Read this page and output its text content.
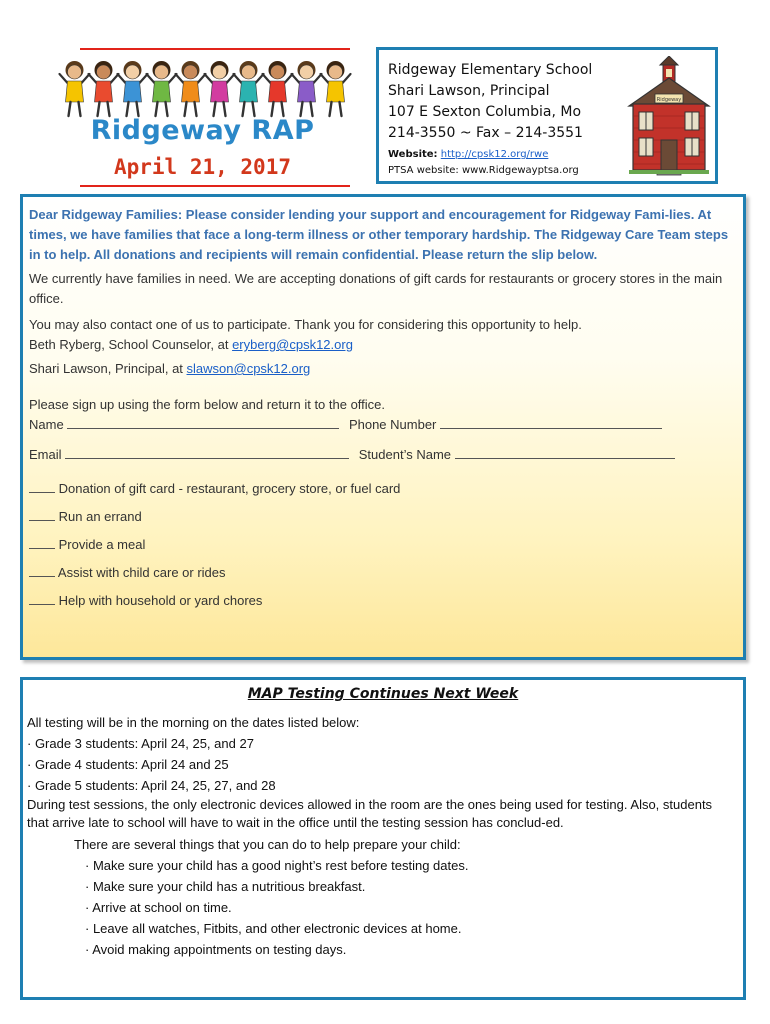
Ridgeway RAP
April 21, 2017
Ridgeway Elementary School
Shari Lawson, Principal
107 E Sexton Columbia, Mo
214-3550 ~ Fax – 214-3551
Website: http://cpsk12.org/rwe
PTSA website: www.Ridgewayptsa.org
Ridgeway

Dear Ridgeway Families: Please consider lending your support and encouragement for Ridgeway Fami-lies. At times, we have families that face a long-term illness or other temporary hardship. The Ridgeway Care Team steps in to help. All donations and recipients will remain confidential. Please return the slip below.

We currently have families in need. We are accepting donations of gift cards for restaurants or grocery stores in the main office.

You may also contact one of us to participate. Thank you for considering this opportunity to help.

Beth Ryberg, School Counselor, at eryberg@cpsk12.org

Shari Lawson, Principal, at slawson@cpsk12.org

Please sign up using the form below and return it to the office.

Name	Phone Number
Email	Student’s Name
Donation of gift card - restaurant, grocery store, or fuel card
Run an errand
Provide a meal
Assist with child care or rides
Help with household or yard chores
MAP Testing Continues Next Week

All testing will be in the morning on the dates listed below:

· Grade 3 students: April 24, 25, and 27

· Grade 4 students: April 24 and 25

· Grade 5 students: April 24, 25, 27, and 28

During test sessions, the only electronic devices allowed in the room are the ones being used for testing. Also, students that arrive late to school will have to wait in the office until the testing session has conclud-ed.

There are several things that you can do to help prepare your child:

· Make sure your child has a good night’s rest before testing dates.

· Make sure your child has a nutritious breakfast.

· Arrive at school on time.

· Leave all watches, Fitbits, and other electronic devices at home.

· Avoid making appointments on testing days.
